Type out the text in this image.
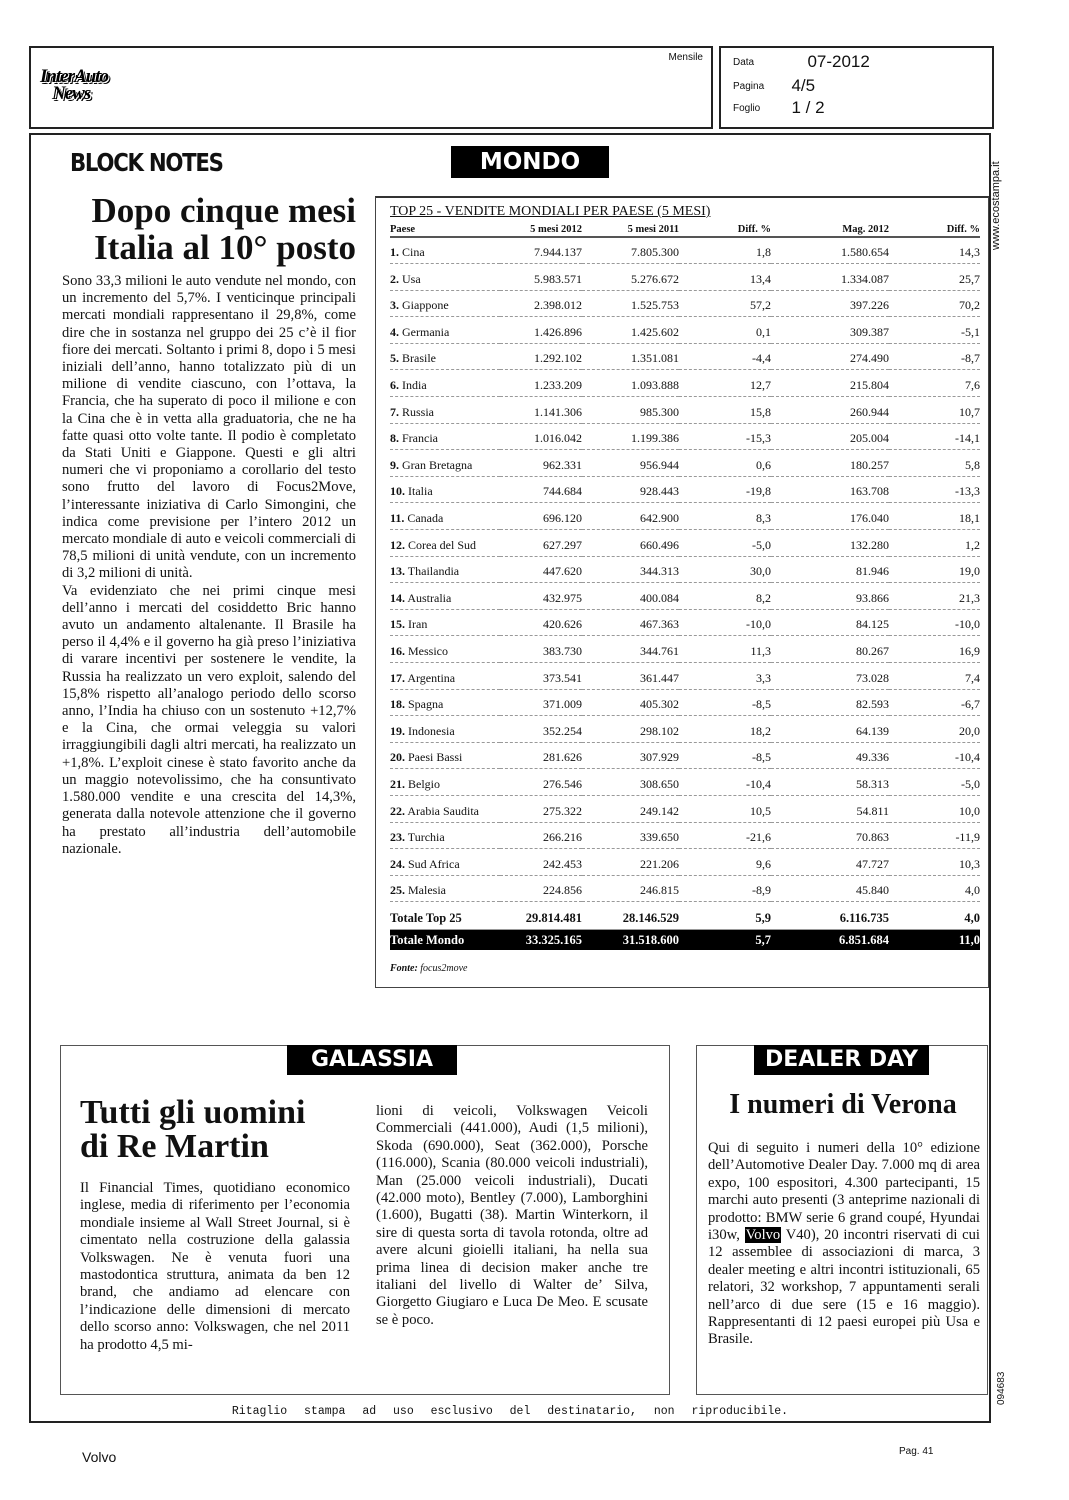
Mensile
InterAuto
News
Data	07-2012
Pagina 4/5
Foglio 1 / 2
www.ecostampa.it
BLOCK NOTES
Dopo cinque mesi
Italia al 10° posto

Sono 33,3 milioni le auto vendute nel mondo, con un incremento del 5,7%. I venticinque principali mercati mondiali rappresentano il 29,8%, come dire che in sostanza nel gruppo dei 25 c’è il fior fiore dei mercati. Soltanto i primi 8, dopo i 5 mesi iniziali dell’anno, hanno totalizzato più di un milione di vendite ciascuno, con l’ottava, la Francia, che ha superato di poco il milione e con la Cina che è in vetta alla graduatoria, che ne ha fatte quasi otto volte tante. Il podio è completato da Stati Uniti e Giappone. Questi e gli altri numeri che vi proponiamo a corollario del testo sono frutto del lavoro di Focus2Move, l’interessante iniziativa di Carlo Simongini, che indica come previsione per l’intero 2012 un mercato mondiale di auto e veicoli commerciali di 78,5 milioni di unità vendute, con un incremento di 3,2 milioni di unità.

Va evidenziato che nei primi cinque mesi dell’anno i mercati del cosiddetto Bric hanno avuto un andamento altalenante. Il Brasile ha perso il 4,4% e il governo ha già preso l’iniziativa di varare incentivi per sostenere le vendite, la Russia ha realizzato un vero exploit, salendo del 15,8% rispetto all’analogo periodo dello scorso anno, l’India ha chiuso con un sostenuto +12,7% e la Cina, che ormai veleggia su valori irraggiungibili dagli altri mercati, ha realizzato un +1,8%. L’exploit cinese è stato favorito anche da un maggio notevolissimo, che ha consuntivato 1.580.000 vendite e una crescita del 14,3%, generata dalla notevole attenzione che il governo ha prestato all’industria dell’automobile nazionale.

MONDO
TOP 25 - VENDITE MONDIALI PER PAESE (5 MESI)
Paese	5 mesi 2012	5 mesi 2011	Diff. %	Mag. 2012	Diff. %
1. Cina	7.944.137	7.805.300	1,8	1.580.654	14,3
2. Usa	5.983.571	5.276.672	13,4	1.334.087	25,7
3. Giappone	2.398.012	1.525.753	57,2	397.226	70,2
4. Germania	1.426.896	1.425.602	0,1	309.387	-5,1
5. Brasile	1.292.102	1.351.081	-4,4	274.490	-8,7
6. India	1.233.209	1.093.888	12,7	215.804	7,6
7. Russia	1.141.306	985.300	15,8	260.944	10,7
8. Francia	1.016.042	1.199.386	-15,3	205.004	-14,1
9. Gran Bretagna	962.331	956.944	0,6	180.257	5,8
10. Italia	744.684	928.443	-19,8	163.708	-13,3
11. Canada	696.120	642.900	8,3	176.040	18,1
12. Corea del Sud	627.297	660.496	-5,0	132.280	1,2
13. Thailandia	447.620	344.313	30,0	81.946	19,0
14. Australia	432.975	400.084	8,2	93.866	21,3
15. Iran	420.626	467.363	-10,0	84.125	-10,0
16. Messico	383.730	344.761	11,3	80.267	16,9
17. Argentina	373.541	361.447	3,3	73.028	7,4
18. Spagna	371.009	405.302	-8,5	82.593	-6,7
19. Indonesia	352.254	298.102	18,2	64.139	20,0
20. Paesi Bassi	281.626	307.929	-8,5	49.336	-10,4
21. Belgio	276.546	308.650	-10,4	58.313	-5,0
22. Arabia Saudita	275.322	249.142	10,5	54.811	10,0
23. Turchia	266.216	339.650	-21,6	70.863	-11,9
24. Sud Africa	242.453	221.206	9,6	47.727	10,3
25. Malesia	224.856	246.815	-8,9	45.840	4,0
Totale Top 25	29.814.481	28.146.529	5,9	6.116.735	4,0
Totale Mondo	33.325.165	31.518.600	5,7	6.851.684	11,0
Fonte: focus2move
GALASSIA
Tutti gli uomini
di Re Martin
Il Financial Times, quotidiano economico inglese, media di riferimento per l’economia mondiale insieme al Wall Street Journal, si è cimentato nella costruzione della galassia Volkswagen. Ne è venuta fuori una mastodontica struttura, animata da ben 12 brand, che andiamo ad elencare con l’indicazione delle dimensioni di mercato dello scorso anno: Volkswagen, che nel 2011 ha prodotto 4,5 mi-
lioni di veicoli, Volkswagen Veicoli Commerciali (441.000), Audi (1,5 milioni), Skoda (690.000), Seat (362.000), Porsche (116.000), Scania (80.000 veicoli industriali), Man (25.000 veicoli industriali), Ducati (42.000 moto), Bentley (7.000), Lamborghini (1.600), Bugatti (38). Martin Winterkorn, il sire di questa sorta di tavola rotonda, oltre ad avere alcuni gioielli italiani, ha nella sua prima linea di decision maker anche tre italiani del livello di Walter de’ Silva, Giorgetto Giugiaro e Luca De Meo. E scusate se è poco.
DEALER DAY
I numeri di Verona
Qui di seguito i numeri della 10° edizione dell’Automotive Dealer Day. 7.000 mq di area expo, 100 espositori, 4.300 partecipanti, 15 marchi auto presenti (3 anteprime nazionali di prodotto: BMW serie 6 grand coupé, Hyundai i30w, Volvo V40), 20 incontri riservati di cui 12 assemblee di associazioni di marca, 3 dealer meeting e altri incontri istituzionali, 65 relatori, 32 workshop, 7 appuntamenti serali nell’arco di due sere (15 e 16 maggio). Rappresentanti di 12 paesi europei più Usa e Brasile.
094683
Ritaglio stampa ad uso esclusivo del destinatario, non riproducibile.
Volvo	Pag. 41
